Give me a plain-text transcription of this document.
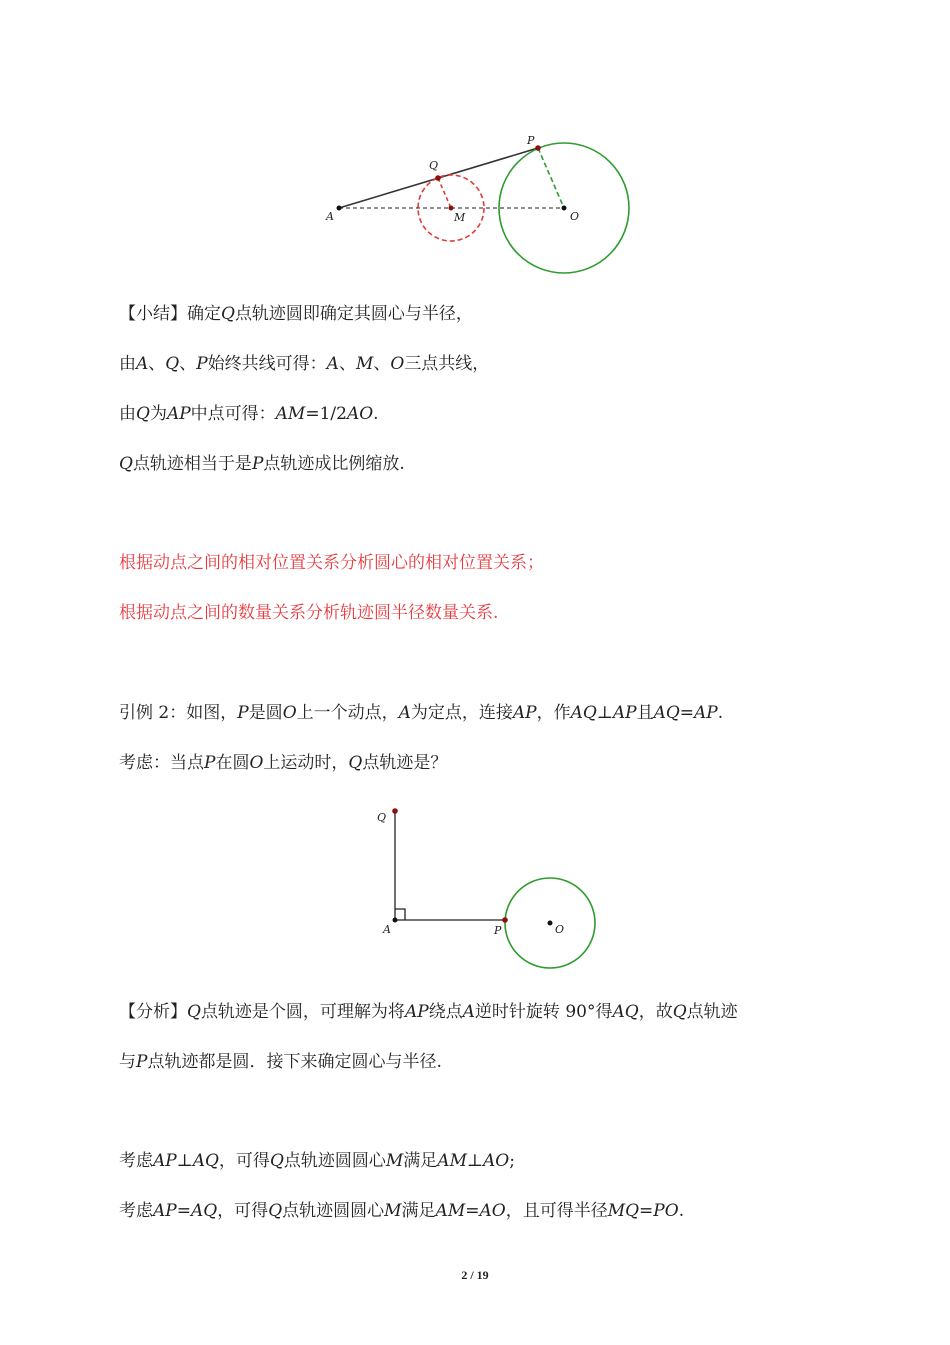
A	M	O
Q
P
【小结】确定Q点轨迹圆即确定其圆心与半径，
由A、Q、P始终共线可得：A、M、O三点共线，
由Q为AP中点可得：AM=1/2AO.
Q点轨迹相当于是P点轨迹成比例缩放.
根据动点之间的相对位置关系分析圆心的相对位置关系；
根据动点之间的数量关系分析轨迹圆半径数量关系.
引例 2：如图，P是圆O上一个动点，A为定点，连接AP，作AQ⊥AP且AQ=AP.
考虑：当点P在圆O上运动时，Q点轨迹是？
Q
A	P	O
【分析】Q点轨迹是个圆，可理解为将AP绕点A逆时针旋转 90°得AQ，故Q点轨迹
与P点轨迹都是圆．接下来确定圆心与半径.
考虑AP⊥AQ，可得Q点轨迹圆圆心M满足AM⊥AO;
考虑AP=AQ，可得Q点轨迹圆圆心M满足AM=AO，且可得半径MQ=PO.
2 / 19
